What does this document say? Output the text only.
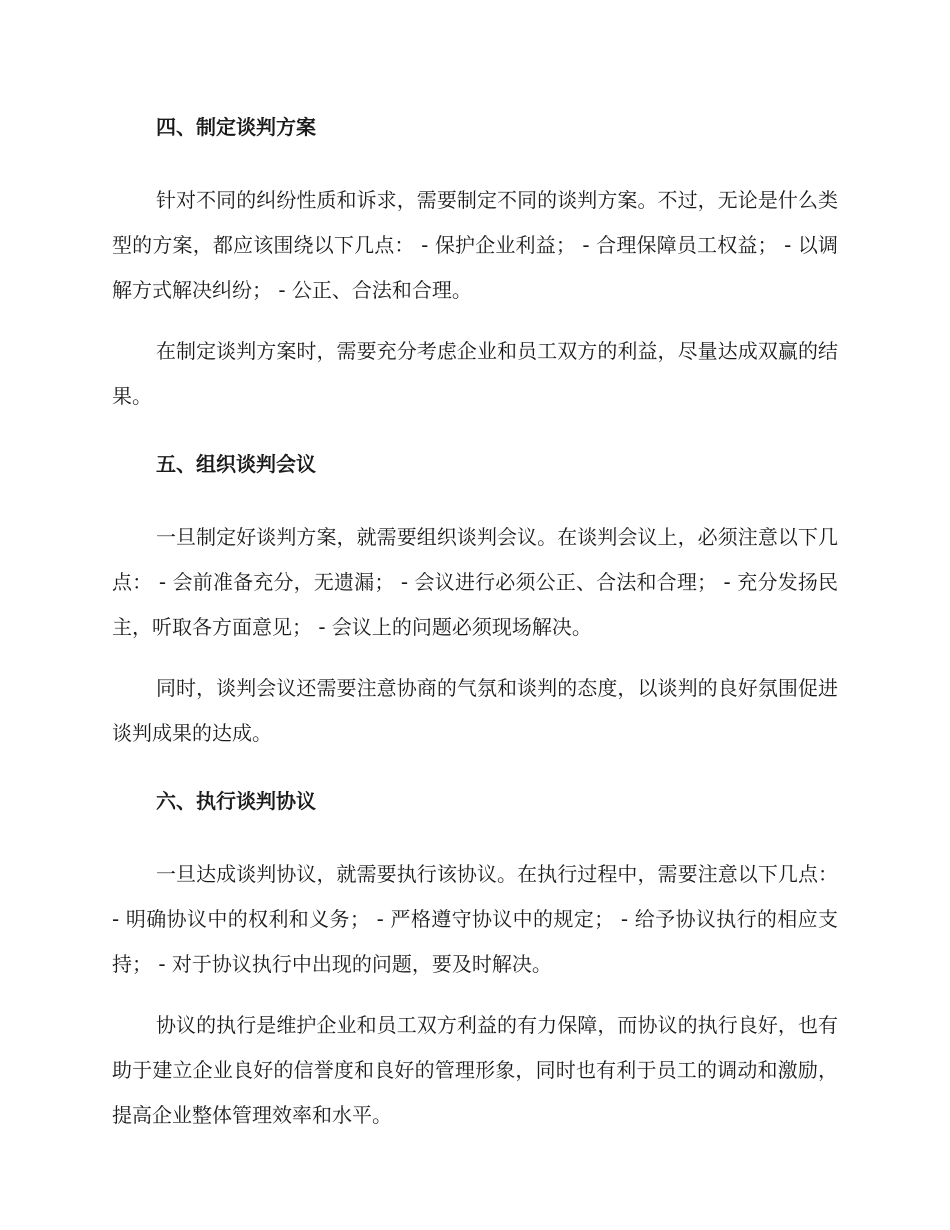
四、制定谈判方案

针对不同的纠纷性质和诉求，需要制定不同的谈判方案。不过，无论是什么类型的方案，都应该围绕以下几点： - 保护企业利益； - 合理保障员工权益； - 以调解方式解决纠纷； - 公正、合法和合理。

在制定谈判方案时，需要充分考虑企业和员工双方的利益，尽量达成双赢的结果。

五、组织谈判会议

一旦制定好谈判方案，就需要组织谈判会议。在谈判会议上，必须注意以下几点： - 会前准备充分，无遗漏； - 会议进行必须公正、合法和合理； - 充分发扬民主，听取各方面意见； - 会议上的问题必须现场解决。

同时，谈判会议还需要注意协商的气氛和谈判的态度，以谈判的良好氛围促进谈判成果的达成。

六、执行谈判协议

一旦达成谈判协议，就需要执行该协议。在执行过程中，需要注意以下几点： - 明确协议中的权利和义务； - 严格遵守协议中的规定； - 给予协议执行的相应支持； - 对于协议执行中出现的问题，要及时解决。

协议的执行是维护企业和员工双方利益的有力保障，而协议的执行良好，也有助于建立企业良好的信誉度和良好的管理形象，同时也有利于员工的调动和激励，提高企业整体管理效率和水平。
